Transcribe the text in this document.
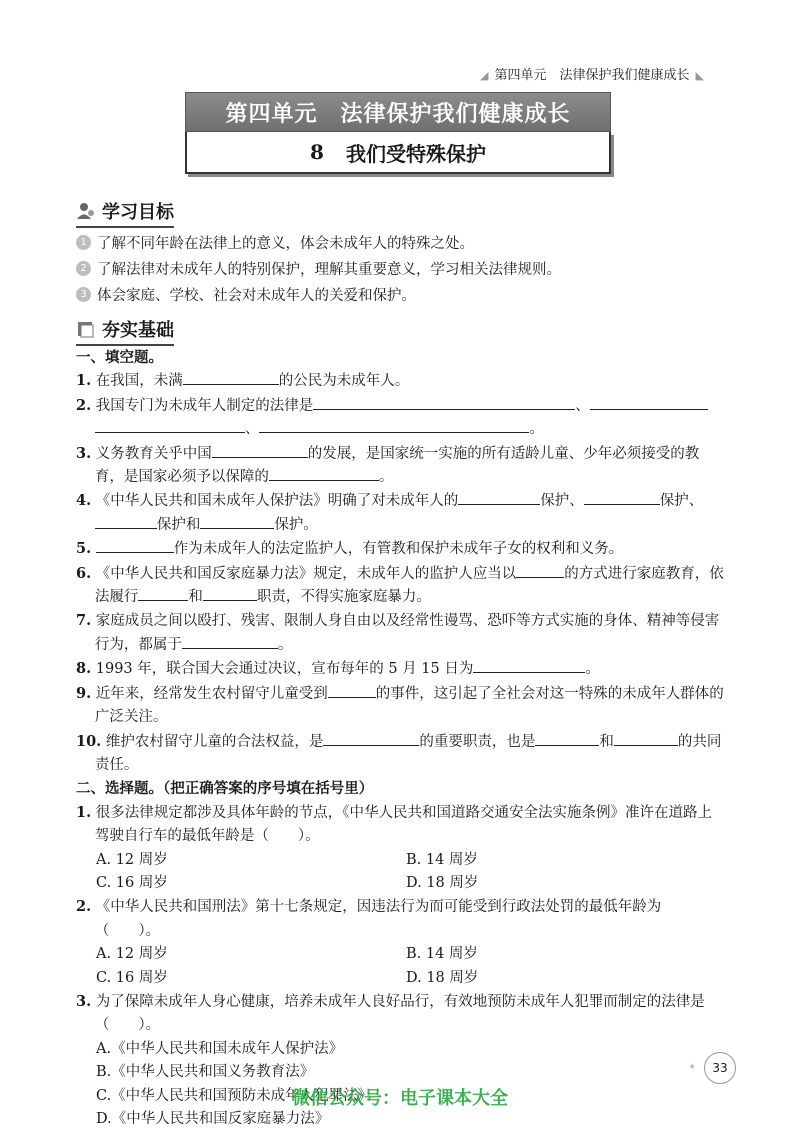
◢ 第四单元　法律保护我们健康成长 ◣
第四单元　法律保护我们健康成长
8 我们受特殊保护
学习目标
1 了解不同年龄在法律上的意义，体会未成年人的特殊之处。
2 了解法律对未成年人的特别保护，理解其重要意义，学习相关法律规则。
3 体会家庭、学校、社会对未成年人的关爱和保护。
夯实基础

一、填空题。

1. 在我国，未满	的公民为未成年人。

2. 我国专门为未成年人制定的法律是	、
、	。

3. 义务教育关乎中国	的发展，是国家统一实施的所有适龄儿童、少年必须接受的教育，是国家必须予以保障的	。

4. 《中华人民共和国未成年人保护法》明确了对未成年人的	保护、	保护、保护和	保护。

5.	作为未成年人的法定监护人，有管教和保护未成年子女的权利和义务。

6. 《中华人民共和国反家庭暴力法》规定，未成年人的监护人应当以	的方式进行家庭教育，依法履行	和	职责，不得实施家庭暴力。

7. 家庭成员之间以殴打、残害、限制人身自由以及经常性谩骂、恐吓等方式实施的身体、精神等侵害行为，都属于	。

8. 1993 年，联合国大会通过决议，宣布每年的 5 月 15 日为	。

9. 近年来，经常发生农村留守儿童受到	的事件，这引起了全社会对这一特殊的未成年人群体的广泛关注。

10. 维护农村留守儿童的合法权益，是	的重要职责，也是	和	的共同责任。

二、选择题。（把正确答案的序号填在括号里）

1. 很多法律规定都涉及具体年龄的节点，《中华人民共和国道路交通安全法实施条例》准许在道路上驾驶自行车的最低年龄是（　　）。

A. 12 周岁	B. 14 周岁
C. 16 周岁	D. 18 周岁

2. 《中华人民共和国刑法》第十七条规定，因违法行为而可能受到行政法处罚的最低年龄为（　　）。

A. 12 周岁	B. 14 周岁
C. 16 周岁	D. 18 周岁

3. 为了保障未成年人身心健康，培养未成年人良好品行，有效地预防未成年人犯罪而制定的法律是（　　）。

A.《中华人民共和国未成年人保护法》
B.《中华人民共和国义务教育法》
C.《中华人民共和国预防未成年人犯罪法》
D.《中华人民共和国反家庭暴力法》
✦	33
微信公众号：电子课本大全
